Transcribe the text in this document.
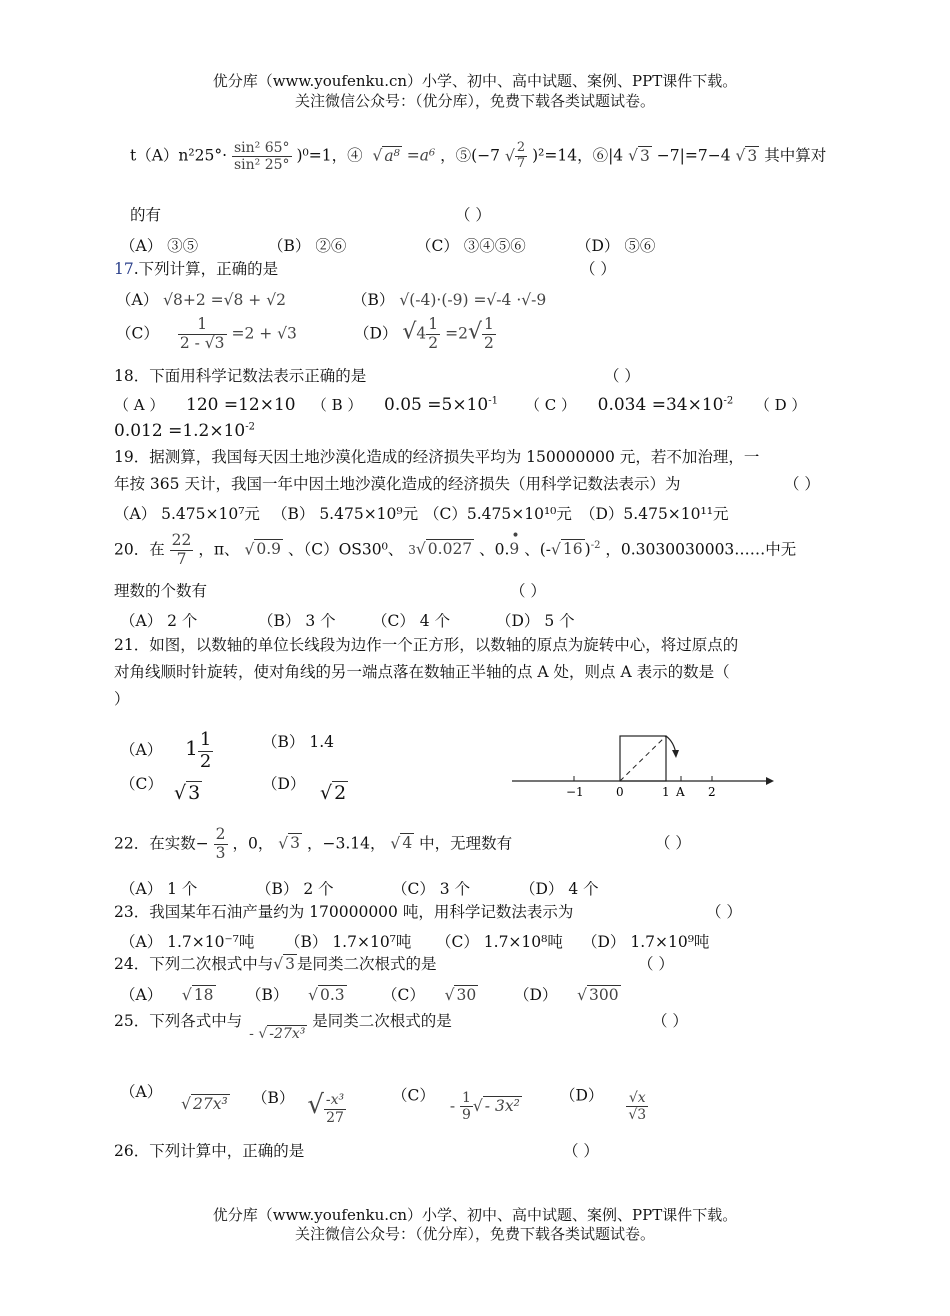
优分库（www.youfenku.cn）小学、初中、高中试题、案例、PPT课件下载。
关注微信公众号：（优分库），免费下载各类试题试卷。
$t(A)n^225^\circ\cdot \frac{\text{sin² 65°}}{\text{sin² 25°}} )^0=1$，④ √ a⁸ =a⁶ ，⑤(−7 √ $\frac{2}{7} )^2=14$，⑥|4 √ 3 −7|=7−4 √ 3 其中算对
的有	（ ）
（A） ③⑤	（B） ②⑥	（C） ③④⑤⑥	（D） ⑤⑥
17.下列计算，正确的是	（ ）
（A） √8+2 =√8 + √2	（B） √(-4)·(-9) =√-4 ·√-9
$(C) \frac{1}{2 - √3} =2 + √3$	（D） $√4 \frac{1}{2} =2√ \frac{1}{2}$
18．下面用科学记数法表示正确的是	（ ）
（ A ） 120 =12×10 （ B ） $0.05 =5\times 10^{-1}$ （ C ） $0.034 =34\times 10^{-2}$ （ D ）
$0.012 =1.2\times 10^{-2}$
19．据测算，我国每天因土地沙漠化造成的经济损失平均为 150000000 元，若不加治理，一
年按 365 天计，我国一年中因土地沙漠化造成的经济损失（用科学记数法表示）为	（ ）
（A） 5.475×10⁷元 （B） 5.475×10⁹元 （C）5.475×10¹⁰元 （D）5.475×10¹¹元
20．在 $\frac{22}{7}$ ，π、 √ 0.9 、（C）OS30⁰、 3√ 0.027 、0.9
•
、(-√ 16 )$^{-2}$ ，0.3030030003……中无
理数的个数有	（ ）
（A） 2 个	（B） 3 个 （C） 4 个	（D） 5 个
21．如图，以数轴的单位长线段为边作一个正方形，以数轴的原点为旋转中心，将过原点的
对角线顺时针旋转，使对角线的另一端点落在数轴正半轴的点 A 处，则点 A 表示的数是（
）
（A） $1 \frac{1}{2}$	（B） 1.4
（C） √ 3	（D） √ 2	−1	0	1 A 2
22．在实数− $\frac{2}{3}$ ，0， √ 3 ，−3.14， √ 4 中，无理数有	（ ）
（A） 1 个	（B） 2 个	（C） 3 个	（D） 4 个
23．我国某年石油产量约为 170000000 吨，用科学记数法表示为	（ ）
（A） 1.7×10⁻⁷吨 （B） 1.7×10⁷吨 （C） 1.7×10⁸吨 （D） 1.7×10⁹吨
24．下列二次根式中与√ 3 是同类二次根式的是	（ ）
（A） √ 18 （B） √ 0.3 （C） √ 30 （D） √ 300
25．下列各式中与 - √ -27x³ 是同类二次根式的是	（ ）
（A） √ 27x³ （B） √ $\frac{\text{-x³}}{27}$	$(C) - \frac{1}{9}$ √ - 3x²
$(D) \frac{√x}{√3}$
26．下列计算中，正确的是	（ ）
优分库（www.youfenku.cn）小学、初中、高中试题、案例、PPT课件下载。
关注微信公众号：（优分库），免费下载各类试题试卷。
